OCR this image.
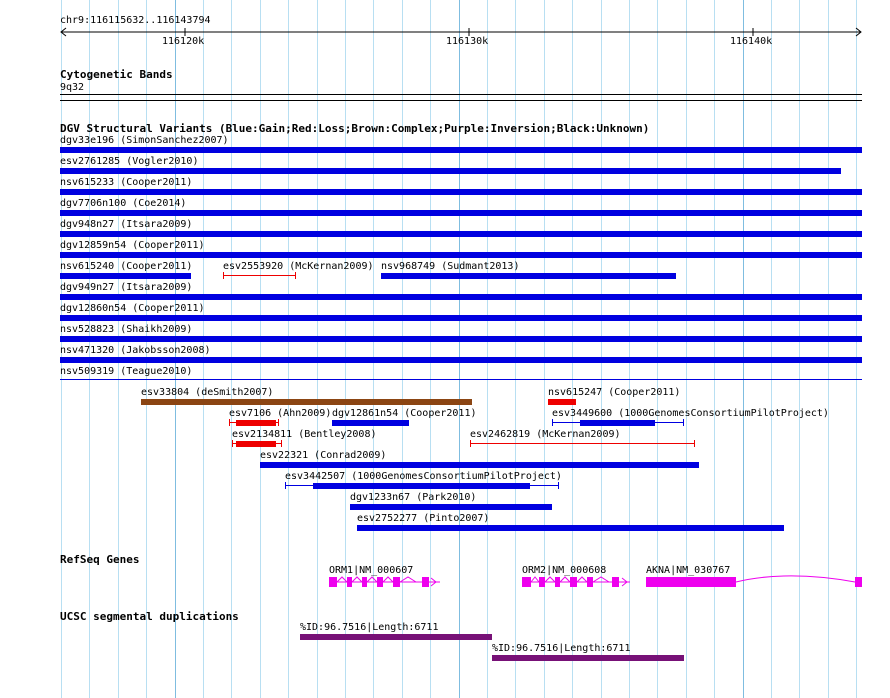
chr9:116115632..116143794
116120k	116130k	116140k
Cytogenetic Bands
9q32
DGV Structural Variants (Blue:Gain;Red:Loss;Brown:Complex;Purple:Inversion;Black:Unknown)
dgv33e196 (SimonSanchez2007)
esv2761285 (Vogler2010)
nsv615233 (Cooper2011)
dgv7706n100 (Coe2014)
dgv948n27 (Itsara2009)
dgv12859n54 (Cooper2011)
nsv615240 (Cooper2011)	esv2553920 (McKernan2009) nsv968749 (Sudmant2013)
dgv949n27 (Itsara2009)
dgv12860n54 (Cooper2011)
nsv528823 (Shaikh2009)
nsv471320 (Jakobsson2008)
nsv509319 (Teague2010)
esv33804 (deSmith2007)	nsv615247 (Cooper2011)
esv7106 (Ahn2009) dgv12861n54 (Cooper2011)	esv3449600 (1000GenomesConsortiumPilotProject)
esv2134811 (Bentley2008)	esv2462819 (McKernan2009)
esv22321 (Conrad2009)
esv3442507 (1000GenomesConsortiumPilotProject)
dgv1233n67 (Park2010)
esv2752277 (Pinto2007)
RefSeq Genes
ORM1|NM_000607	ORM2|NM_000608	AKNA|NM_030767
UCSC segmental duplications
%ID:96.7516|Length:6711
%ID:96.7516|Length:6711
